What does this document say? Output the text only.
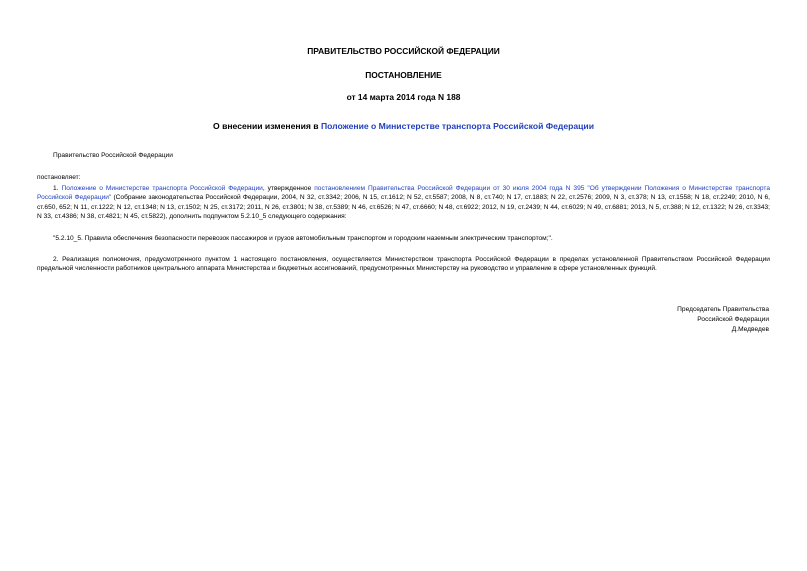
ПРАВИТЕЛЬСТВО РОССИЙСКОЙ ФЕДЕРАЦИИ
ПОСТАНОВЛЕНИЕ
от 14 марта 2014 года N 188
О внесении изменения в Положение о Министерстве транспорта Российской Федерации
Правительство Российской Федерации
постановляет:
1. Положение о Министерстве транспорта Российской Федерации, утвержденное постановлением Правительства Российской Федерации от 30 июля 2004 года N 395 "Об утверждении Положения о Министерстве транспорта Российской Федерации" (Собрание законодательства Российской Федерации, 2004, N 32, ст.3342; 2006, N 15, ст.1612; N 52, ст.5587; 2008, N 8, ст.740; N 17, ст.1883; N 22, ст.2576; 2009, N 3, ст.378; N 13, ст.1558; N 18, ст.2249; 2010, N 6, ст.650, 652; N 11, ст.1222; N 12, ст.1348; N 13, ст.1502; N 25, ст.3172; 2011, N 26, ст.3801; N 38, ст.5389; N 46, ст.6526; N 47, ст.6660; N 48, ст.6922; 2012, N 19, ст.2439; N 44, ст.6029; N 49, ст.6881; 2013, N 5, ст.388; N 12, ст.1322; N 26, ст.3343; N 33, ст.4386; N 38, ст.4821; N 45, ст.5822), дополнить подпунктом 5.2.10_5 следующего содержания:
"5.2.10_5. Правила обеспечения безопасности перевозок пассажиров и грузов автомобильным транспортом и городским наземным электрическим транспортом;".
2. Реализация полномочия, предусмотренного пунктом 1 настоящего постановления, осуществляется Министерством транспорта Российской Федерации в пределах установленной Правительством Российской Федерации предельной численности работников центрального аппарата Министерства и бюджетных ассигнований, предусмотренных Министерству на руководство и управление в сфере установленных функций.
Председатель Правительства
Российской Федерации
Д.Медведев
